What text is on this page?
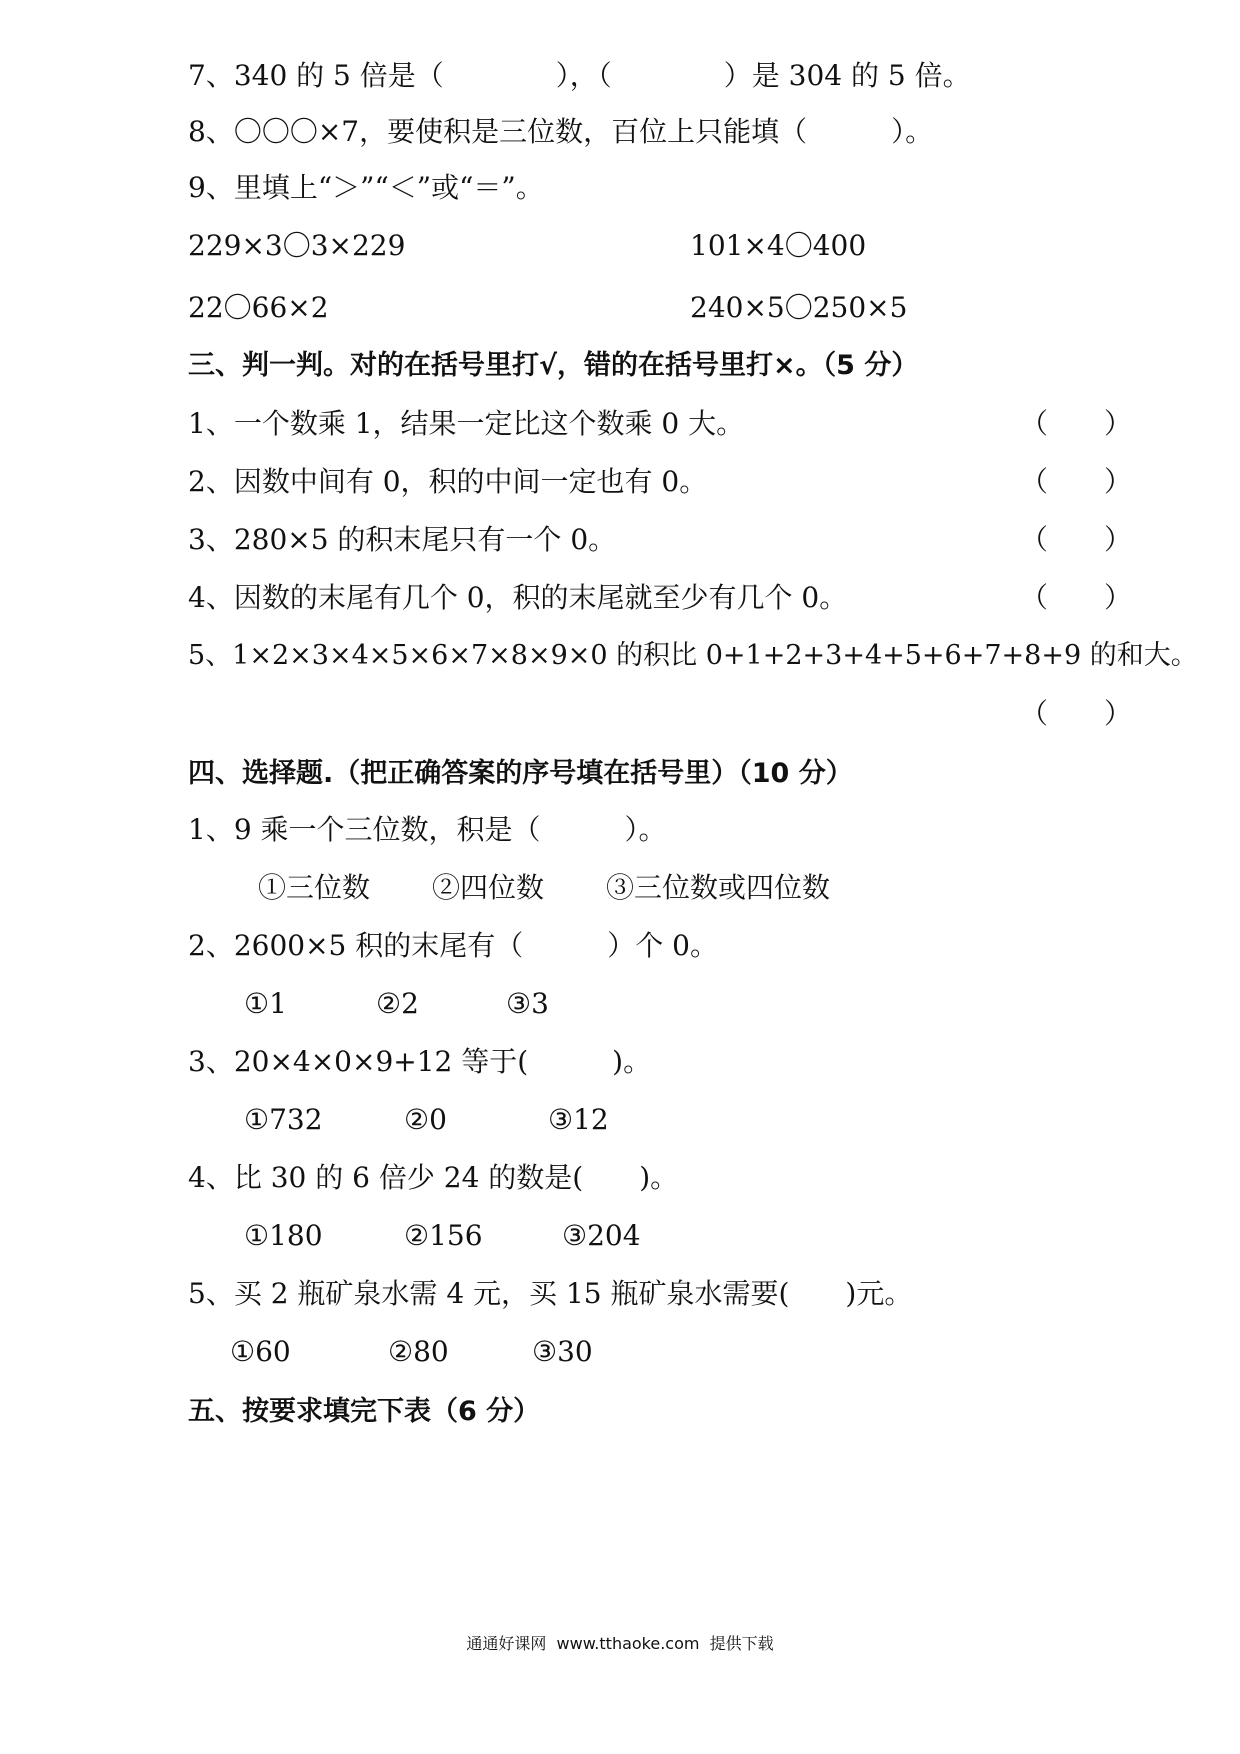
7、340 的 5 倍是（　　　　），（　　　　）是 304 的 5 倍。

8、〇〇〇×7，要使积是三位数，百位上只能填（　　　）。

9、里填上“＞”“＜”或“＝”。

229×3〇3×229	101×4〇400
22〇66×2	240×5〇250×5

三、判一判。对的在括号里打√，错的在括号里打×。（5 分）

1、一个数乘 1，结果一定比这个数乘 0 大。	（　　）

2、因数中间有 0，积的中间一定也有 0。	（　　）

3、280×5 的积末尾只有一个 0。	（　　）

4、因数的末尾有几个 0，积的末尾就至少有几个 0。	（　　）

5、1×2×3×4×5×6×7×8×9×0 的积比 0+1+2+3+4+5+6+7+8+9 的和大。

（　　）

四、选择题.（把正确答案的序号填在括号里）（10 分）

1、9 乘一个三位数，积是（　　　）。

①三位数 ②四位数 ③三位数或四位数

2、2600×5 积的末尾有（　　　）个 0。

①1	②2	③3

3、20×4×0×9+12 等于(　　　)。

①732	②0	③12

4、比 30 的 6 倍少 24 的数是(　　)。

①180	②156	③204

5、买 2 瓶矿泉水需 4 元，买 15 瓶矿泉水需要(　　)元。

①60	②80	③30

五、按要求填完下表（6 分）

通通好课网  www.tthaoke.com  提供下载
